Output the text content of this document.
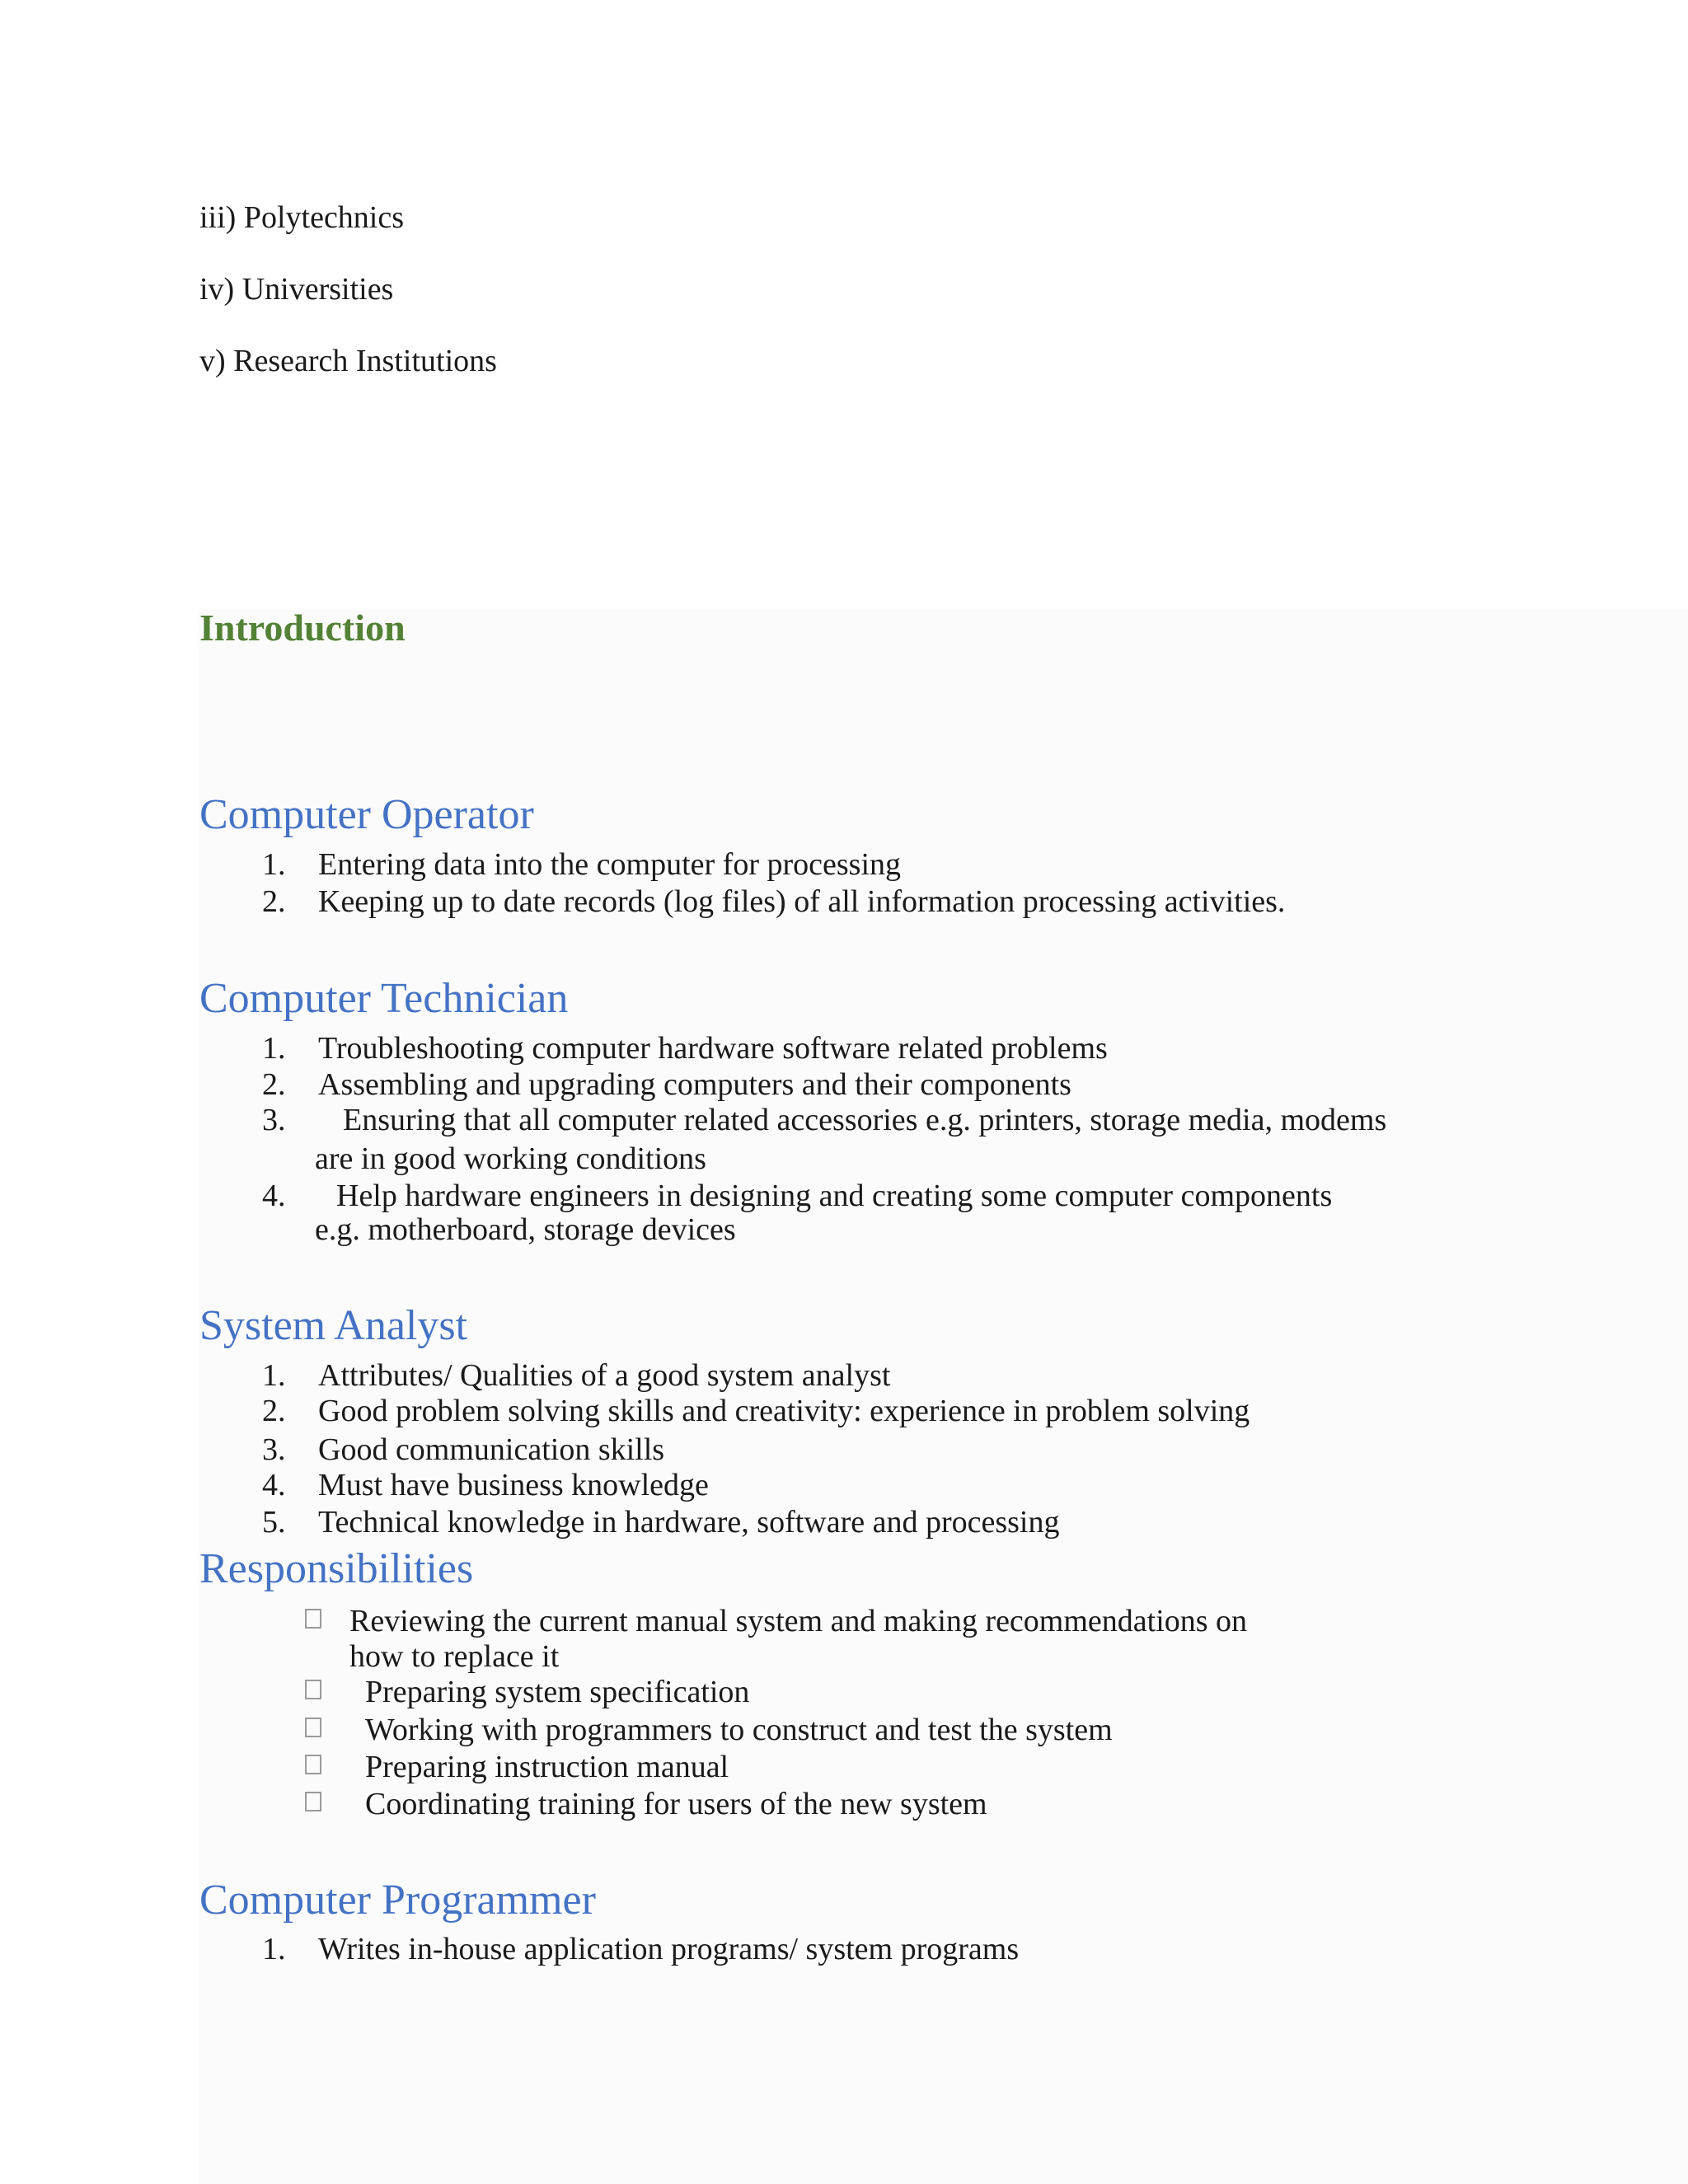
iii) Polytechnics
iv) Universities
v) Research Institutions
Introduction
Computer Operator
1. Entering data into the computer for processing
2. Keeping up to date records (log files) of all information processing activities.
Computer Technician
1. Troubleshooting computer hardware software related problems
2. Assembling and upgrading computers and their components
3. Ensuring that all computer related accessories e.g. printers, storage media, modems
are in good working conditions
4. Help hardware engineers in designing and creating some computer components
e.g. motherboard, storage devices
System Analyst
1. Attributes/ Qualities of a good system analyst
2. Good problem solving skills and creativity: experience in problem solving
3. Good communication skills
4. Must have business knowledge
5. Technical knowledge in hardware, software and processing
Responsibilities
Reviewing the current manual system and making recommendations on
how to replace it
Preparing system specification
Working with programmers to construct and test the system
Preparing instruction manual
Coordinating training for users of the new system
Computer Programmer
1. Writes in-house application programs/ system programs
